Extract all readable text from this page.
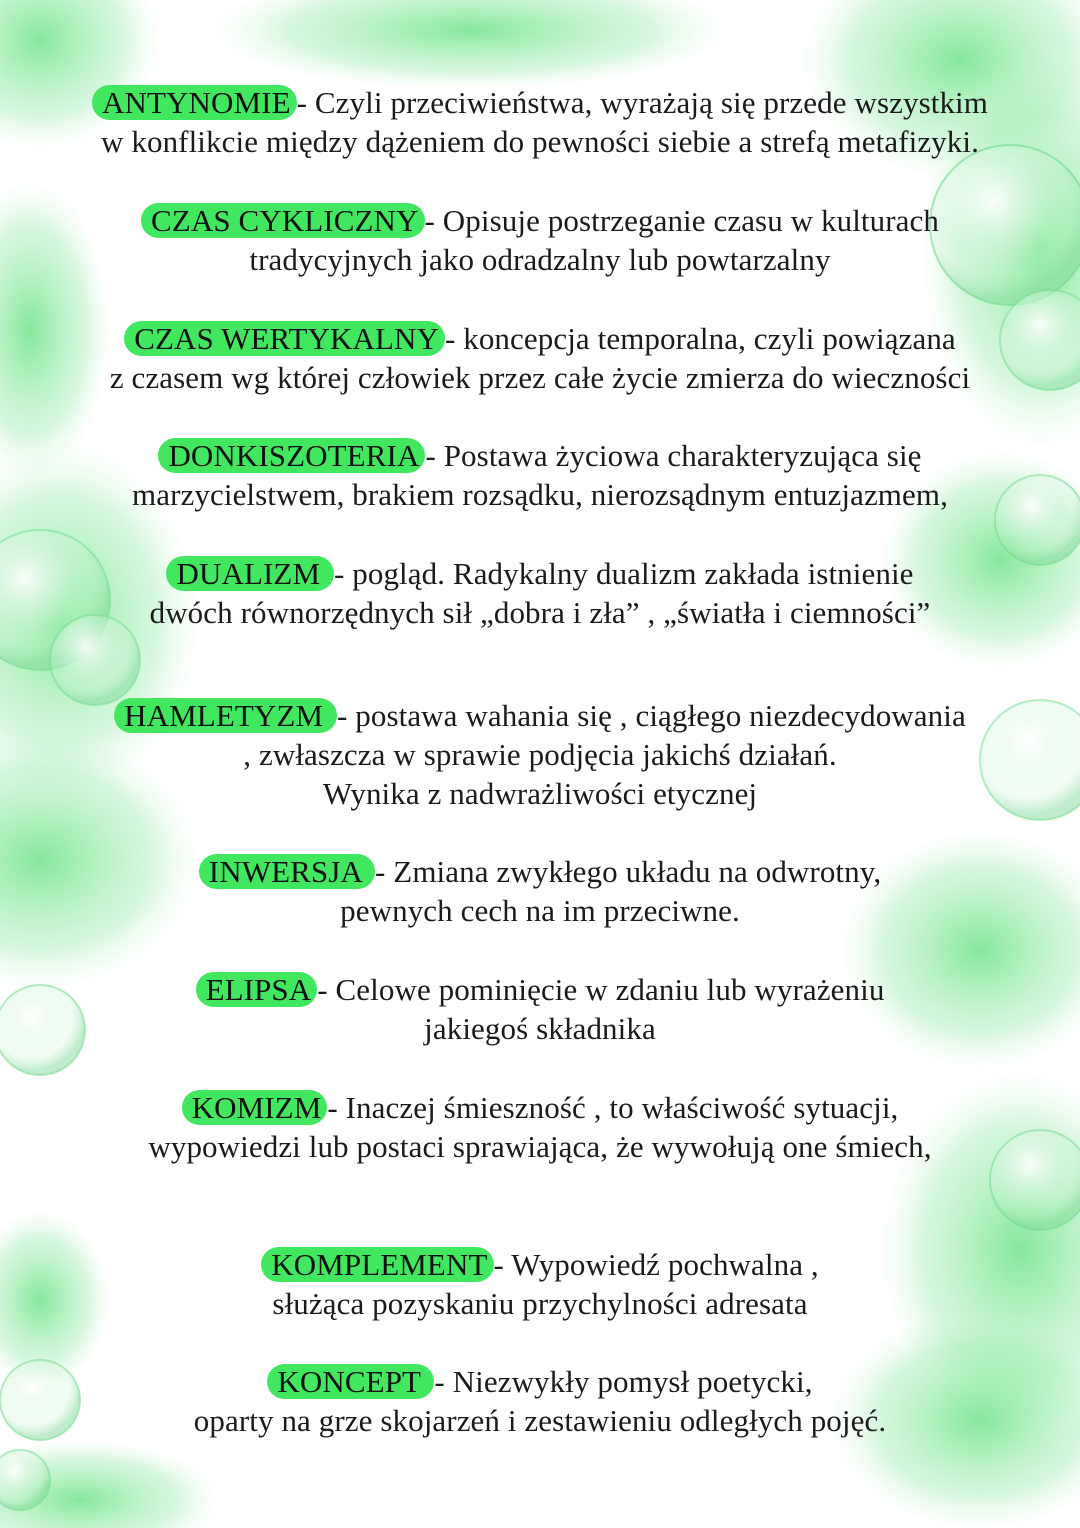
ANTYNOMIE - Czyli przeciwieństwa, wyrażają się przede wszystkim
w konflikcie między dążeniem do pewności siebie a strefą metafizyki.
CZAS CYKLICZNY - Opisuje postrzeganie czasu w kulturach
tradycyjnych jako odradzalny lub powtarzalny
CZAS WERTYKALNY - koncepcja temporalna, czyli powiązana
z czasem wg której człowiek przez całe życie zmierza do wieczności
DONKISZOTERIA - Postawa życiowa charakteryzująca się
marzycielstwem, brakiem rozsądku, nierozsądnym entuzjazmem,
DUALIZM - pogląd. Radykalny dualizm zakłada istnienie
dwóch równorzędnych sił „dobra i zła” , „światła i ciemności”
HAMLETYZM - postawa wahania się , ciągłego niezdecydowania
, zwłaszcza w sprawie podjęcia jakichś działań.
Wynika z nadwrażliwości etycznej
INWERSJA - Zmiana zwykłego układu na odwrotny,
pewnych cech na im przeciwne.
ELIPSA - Celowe pominięcie w zdaniu lub wyrażeniu
jakiegoś składnika
KOMIZM - Inaczej śmieszność , to właściwość sytuacji,
wypowiedzi lub postaci sprawiająca, że wywołują one śmiech,
KOMPLEMENT - Wypowiedź pochwalna ,
służąca pozyskaniu przychylności adresata
KONCEPT - Niezwykły pomysł poetycki,
oparty na grze skojarzeń i zestawieniu odległych pojęć.
